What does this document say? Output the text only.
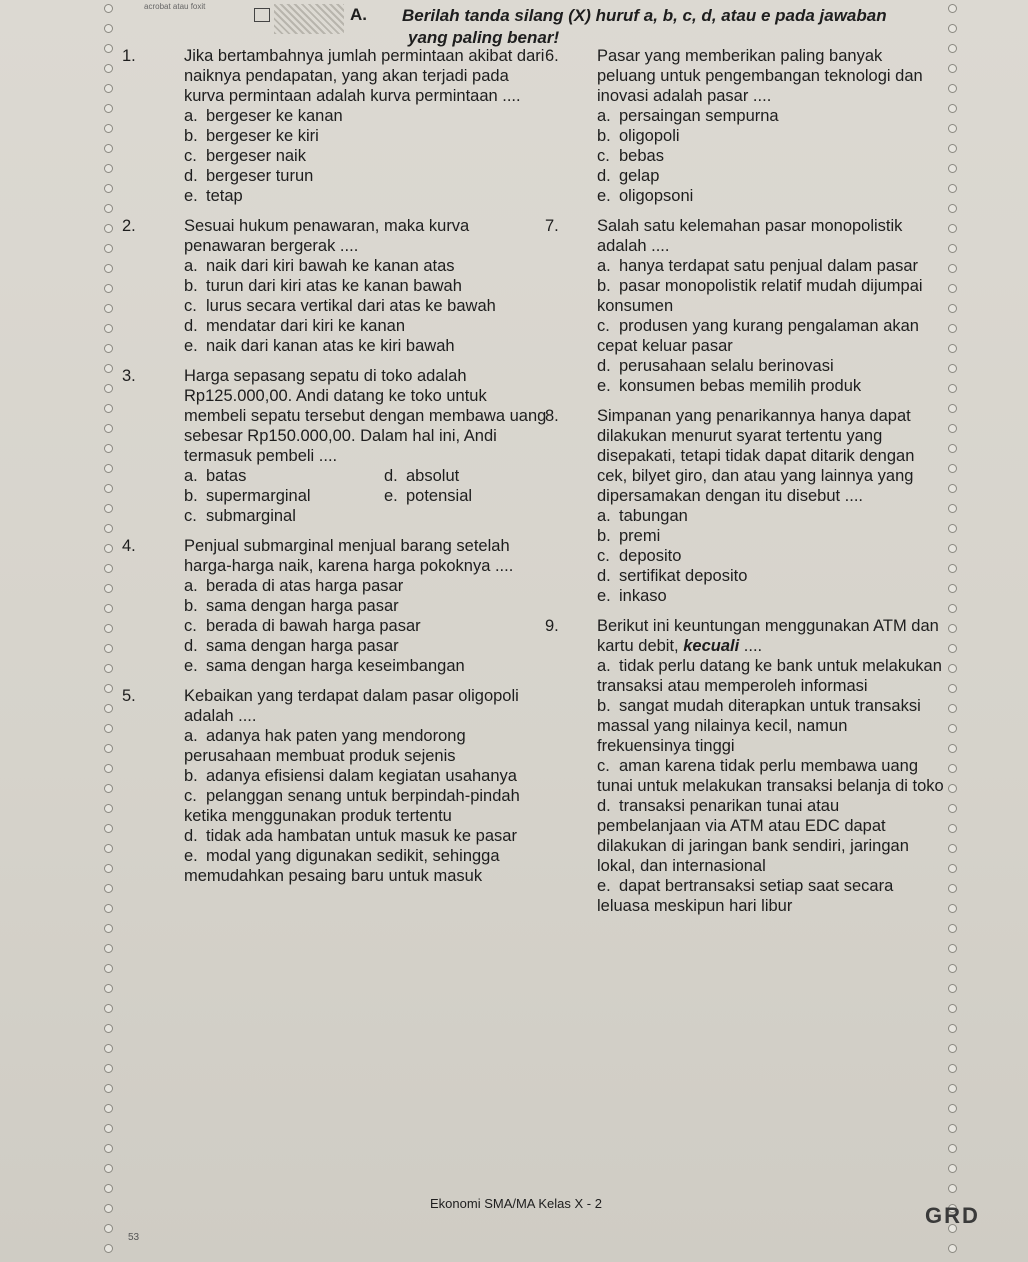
A. Berilah tanda silang (X) huruf a, b, c, d, atau e pada jawaban
yang paling benar!
acrobat atau foxit
1.	Jika bertambahnya jumlah permintaan akibat dari naiknya pendapatan, yang akan terjadi pada kurva permintaan adalah kurva permintaan ....
a. bergeser ke kanan
b. bergeser ke kiri
c. bergeser naik
d. bergeser turun
e. tetap
2.	Sesuai hukum penawaran, maka kurva penawaran bergerak ....
a. naik dari kiri bawah ke kanan atas
b. turun dari kiri atas ke kanan bawah
c. lurus secara vertikal dari atas ke bawah
d. mendatar dari kiri ke kanan
e. naik dari kanan atas ke kiri bawah
3.	Harga sepasang sepatu di toko adalah Rp125.000,00. Andi datang ke toko untuk membeli sepatu tersebut dengan membawa uang sebesar Rp150.000,00. Dalam hal ini, Andi termasuk pembeli ....
a. batas	d. absolut
b. supermarginal	e. potensial
c. submarginal
4.	Penjual submarginal menjual barang setelah harga-harga naik, karena harga pokoknya ....
a. berada di atas harga pasar
b. sama dengan harga pasar
c. berada di bawah harga pasar
d. sama dengan harga pasar
e. sama dengan harga keseimbangan
5.	Kebaikan yang terdapat dalam pasar oligopoli adalah ....
a. adanya hak paten yang mendorong perusahaan membuat produk sejenis
b. adanya efisiensi dalam kegiatan usahanya
c. pelanggan senang untuk berpindah-pindah ketika menggunakan produk tertentu
d. tidak ada hambatan untuk masuk ke pasar
e. modal yang digunakan sedikit, sehingga memudahkan pesaing baru untuk masuk
6. Pasar yang memberikan paling banyak peluang untuk pengembangan teknologi dan inovasi adalah pasar ....
a. persaingan sempurna
b. oligopoli
c. bebas
d. gelap
e. oligopsoni
7. Salah satu kelemahan pasar monopolistik adalah ....
a. hanya terdapat satu penjual dalam pasar
b. pasar monopolistik relatif mudah dijumpai konsumen
c. produsen yang kurang pengalaman akan cepat keluar pasar
d. perusahaan selalu berinovasi
e. konsumen bebas memilih produk
8. Simpanan yang penarikannya hanya dapat dilakukan menurut syarat tertentu yang disepakati, tetapi tidak dapat ditarik dengan cek, bilyet giro, dan atau yang lainnya yang dipersamakan dengan itu disebut ....
a. tabungan
b. premi
c. deposito
d. sertifikat deposito
e. inkaso
9. Berikut ini keuntungan menggunakan ATM dan kartu debit, kecuali ....
a. tidak perlu datang ke bank untuk melakukan transaksi atau memperoleh informasi
b. sangat mudah diterapkan untuk transaksi massal yang nilainya kecil, namun frekuensinya tinggi
c. aman karena tidak perlu membawa uang tunai untuk melakukan transaksi belanja di toko
d. transaksi penarikan tunai atau pembelanjaan via ATM atau EDC dapat dilakukan di jaringan bank sendiri, jaringan lokal, dan internasional
e. dapat bertransaksi setiap saat secara leluasa meskipun hari libur
Ekonomi SMA/MA Kelas X - 2
53
GRD
